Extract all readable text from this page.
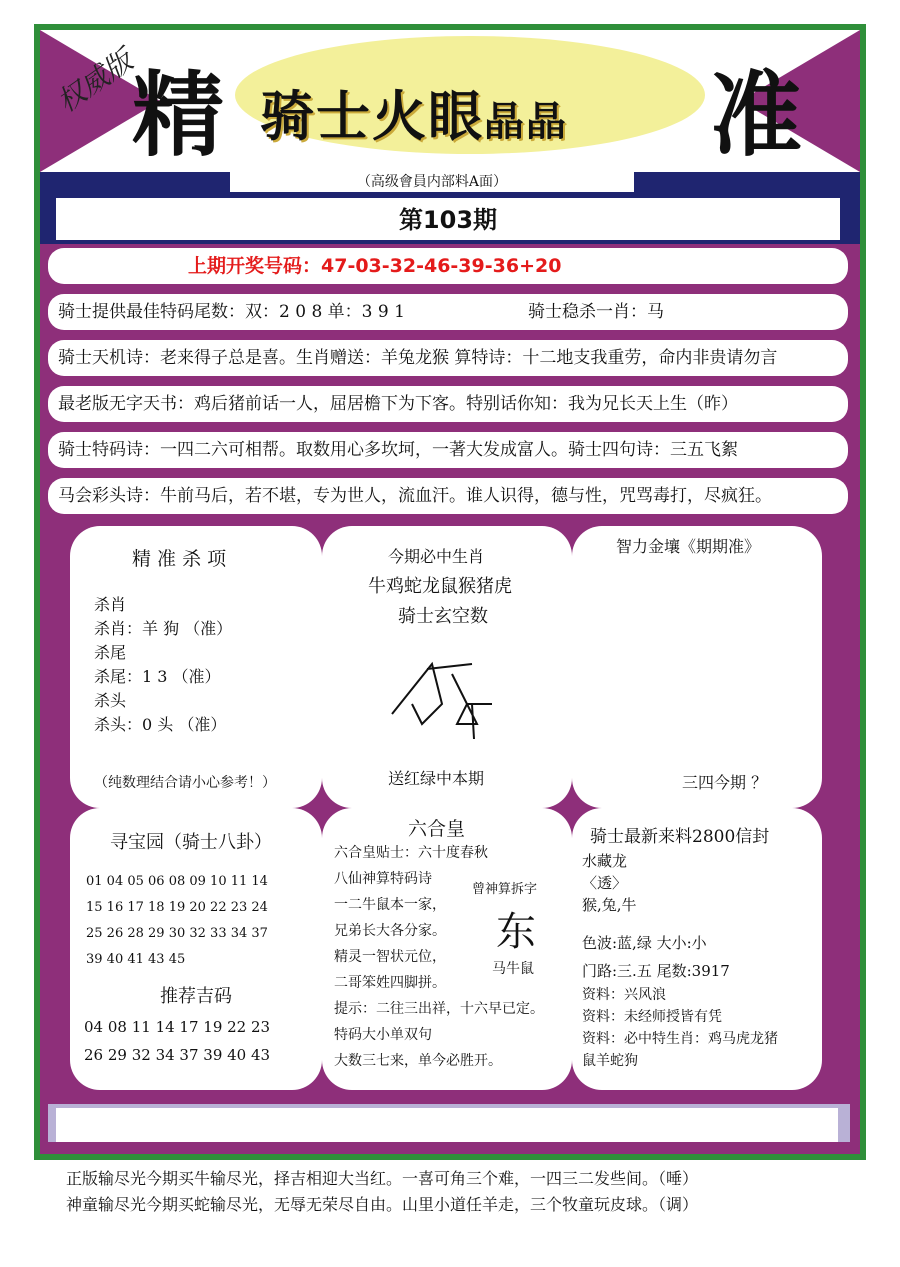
权威版
精	准
骑士火眼晶晶
（高级會員内部料A面）
第103期
上期开奖号码：47-03-32-46-39-36+20
骑士提供最佳特码尾数：双：2 0 8 单：3 9 1	骑士稳杀一肖：马
骑士天机诗：老来得子总是喜。生肖赠送：羊兔龙猴 算特诗：十二地支我重劳，命内非贵请勿言
最老版无字天书：鸡后猪前话一人，屈居檐下为下客。特别话你知：我为兄长天上生（昨）
骑士特码诗：一四二六可相帮。取数用心多坎坷，一著大发成富人。骑士四句诗：三五飞絮
马会彩头诗：牛前马后，若不堪，专为世人，流血汗。谁人识得，德与性，咒骂毒打，尽疯狂。
精 准 杀 项
杀肖
杀肖：羊 狗 （准）
杀尾
杀尾：1 3 （准）
杀头
杀头：0 头 （准）
（纯数理结合请小心参考！）
今期必中生肖
牛鸡蛇龙鼠猴猪虎
骑士玄空数
送红绿中本期
智力金壤《期期准》
三四今期 ？
寻宝园（骑士八卦）
01 04 05 06 08 09 10 11 14
15 16 17 18 19 20 22 23 24
25 26 28 29 30 32 33 34 37
39 40 41 43 45
推荐吉码
04 08 11 14 17 19 22 23
26 29 32 34 37 39 40 43
六合皇
六合皇贴士：六十度春秋
八仙神算特码诗
一二牛鼠本一家，
兄弟长大各分家。
精灵一智状元位，
二哥笨姓四脚拼。
提示：二往三出祥，十六早已定。
特码大小单双句
大数三七来，单今必胜开。
曾神算拆字
东
马牛鼠
骑士最新来料2800信封
水藏龙
〈透〉
猴,兔,牛
色波:蓝,绿 大小:小
门路:三.五 尾数:3917
资料：兴风浪
资料：未经师授皆有凭
资料：必中特生肖：鸡马虎龙猪
鼠羊蛇狗
正版输尽光今期买牛输尽光，择吉相迎大当红。一喜可角三个难，一四三二发些间。（唾）
神童输尽光今期买蛇输尽光，无辱无荣尽自由。山里小道任羊走，三个牧童玩皮球。（调）
